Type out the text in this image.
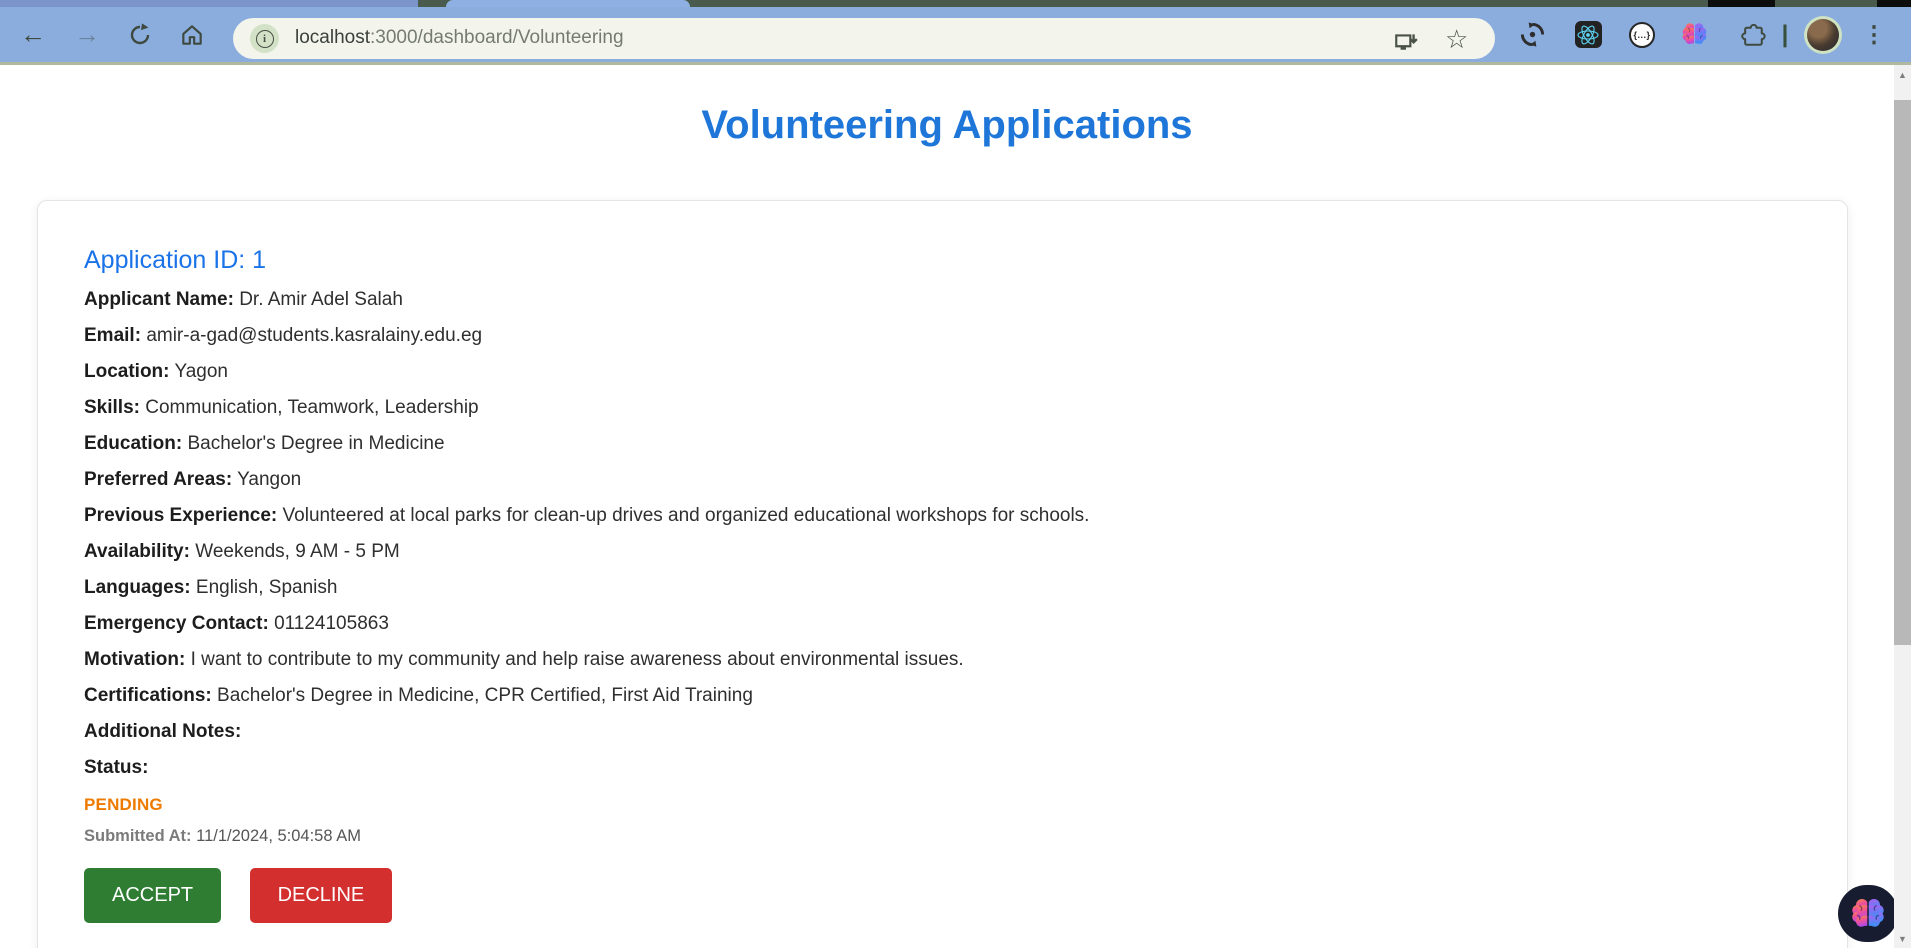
←	→	i	localhost:3000/dashboard/Volunteering	☆	{...}	|	⋮
Volunteering Applications
Application ID: 1

Applicant Name: Dr. Amir Adel Salah

Email: amir-a-gad@students.kasralainy.edu.eg

Location: Yagon

Skills: Communication, Teamwork, Leadership

Education: Bachelor's Degree in Medicine

Preferred Areas: Yangon

Previous Experience: Volunteered at local parks for clean-up drives and organized educational workshops for schools.

Availability: Weekends, 9 AM - 5 PM

Languages: English, Spanish

Emergency Contact: 01124105863

Motivation: I want to contribute to my community and help raise awareness about environmental issues.

Certifications: Bachelor's Degree in Medicine, CPR Certified, First Aid Training

Additional Notes:

Status:

PENDING

Submitted At: 11/1/2024, 5:04:58 AM

ACCEPT	DECLINE
▲
▼
